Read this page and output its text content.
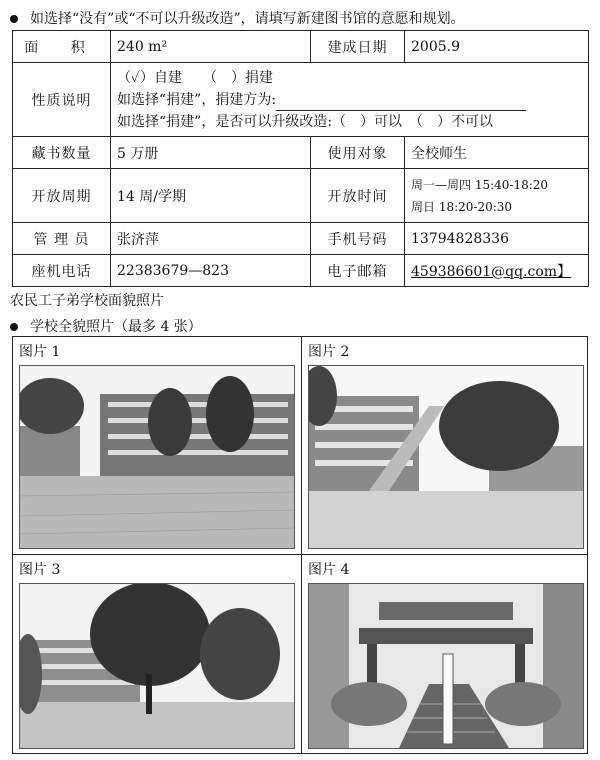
如选择“没有”或“不可以升级改造”，请填写新建图书馆的意愿和规划。
面 积	240 m²	建成日期	2005.9
性质说明	（✓）自建　　（　）捐建
如选择“捐建”，捐建方为:
如选择“捐建”，是否可以升级改造:（　）可以　（　）不可以		

藏书数量	5 万册	使用对象	全校师生
开放周期	14 周/学期	开放时间	周一—周四 15:40-18:20
周日 18:20-20:30

管 理 员	张济萍	手机号码	13794828336
座机电话	22383679—823	电子邮箱	459386601@qq.com】
农民工子弟学校面貌照片
学校全貌照片（最多 4 张）
图片 1	图片 2
图片 3	图片 4
